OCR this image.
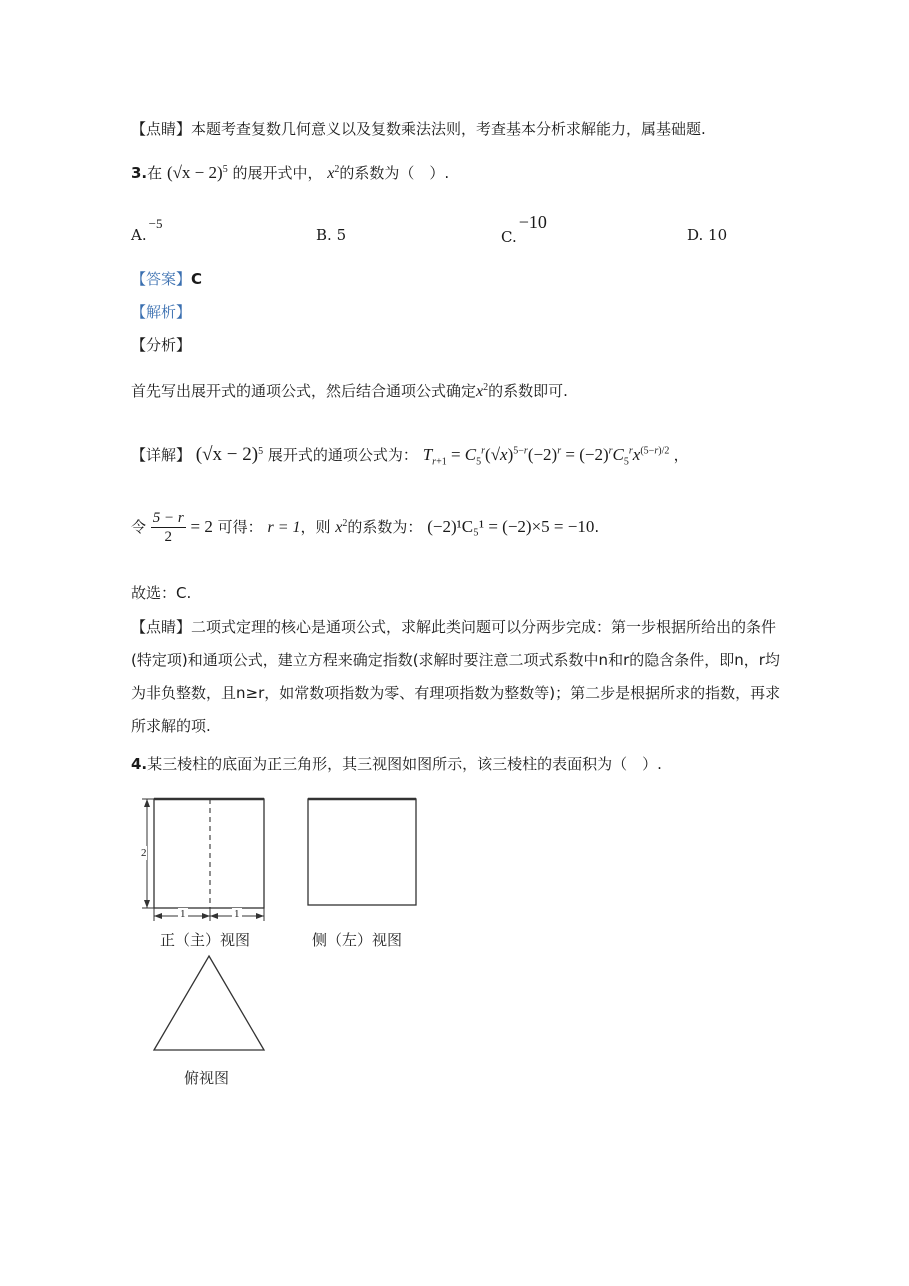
【点睛】本题考查复数几何意义以及复数乘法法则，考查基本分析求解能力，属基础题.
3.在 $(√x - 2)^5$ 的展开式中， $x^2$的系数为（　）.
A.−5
B. 5	C.−10
D. 10
【答案】C
【解析】
【分析】
首先写出展开式的通项公式，然后结合通项公式确定$x^2$的系数即可.
【详解】 $(√x - 2)^5$ 展开式的通项公式为： $T_{r+1} = C_5^r(√x)^{5-r}(-2)^r = (-2)^rC_5^rx^{(5-r)/2}$ ，
令 $\frac{5 - r}{2} = 2$ 可得： r = 1，则 $x^2$的系数为： (−2)¹C₅¹ = (−2)×5 = −10.
故选：C.
【点睛】二项式定理的核心是通项公式，求解此类问题可以分两步完成：第一步根据所给出的条件(特定项)和通项公式，建立方程来确定指数(求解时要注意二项式系数中n和r的隐含条件，即n，r均为非负整数，且n≥r，如常数项指数为零、有理项指数为整数等)；第二步是根据所求的指数，再求所求解的项.
4.某三棱柱的底面为正三角形，其三视图如图所示，该三棱柱的表面积为（　）.

2
1	1
正（主）视图	侧（左）视图
俯视图
